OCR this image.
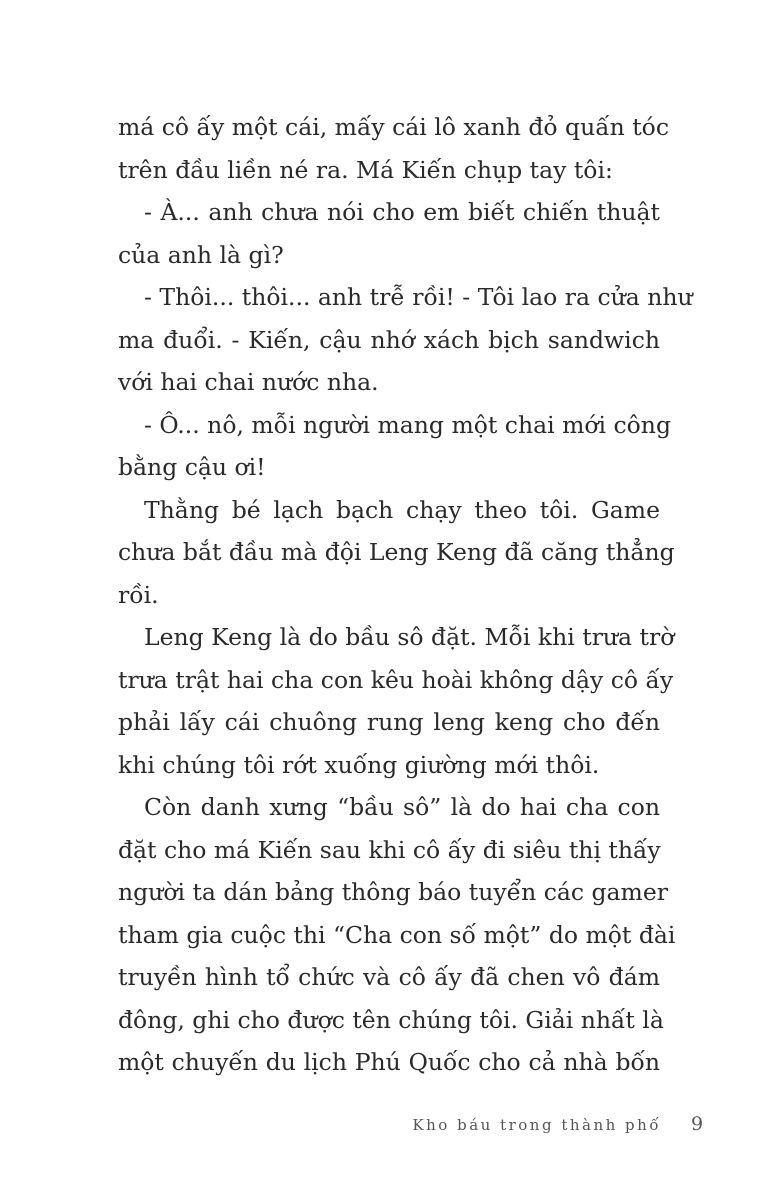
má cô ấy một cái, mấy cái lô xanh đỏ quấn tóc
trên đầu liền né ra. Má Kiến chụp tay tôi:
- À... anh chưa nói cho em biết chiến thuật
của anh là gì?
- Thôi... thôi... anh trễ rồi! - Tôi lao ra cửa như
ma đuổi. - Kiến, cậu nhớ xách bịch sandwich
với hai chai nước nha.
- Ô... nô, mỗi người mang một chai mới công
bằng cậu ơi!
Thằng bé lạch bạch chạy theo tôi. Game
chưa bắt đầu mà đội Leng Keng đã căng thẳng
rồi.
Leng Keng là do bầu sô đặt. Mỗi khi trưa trờ
trưa trật hai cha con kêu hoài không dậy cô ấy
phải lấy cái chuông rung leng keng cho đến
khi chúng tôi rớt xuống giường mới thôi.
Còn danh xưng “bầu sô” là do hai cha con
đặt cho má Kiến sau khi cô ấy đi siêu thị thấy
người ta dán bảng thông báo tuyển các gamer
tham gia cuộc thi “Cha con số một” do một đài
truyền hình tổ chức và cô ấy đã chen vô đám
đông, ghi cho được tên chúng tôi. Giải nhất là
một chuyến du lịch Phú Quốc cho cả nhà bốn
Kho báu trong thành phố 9
